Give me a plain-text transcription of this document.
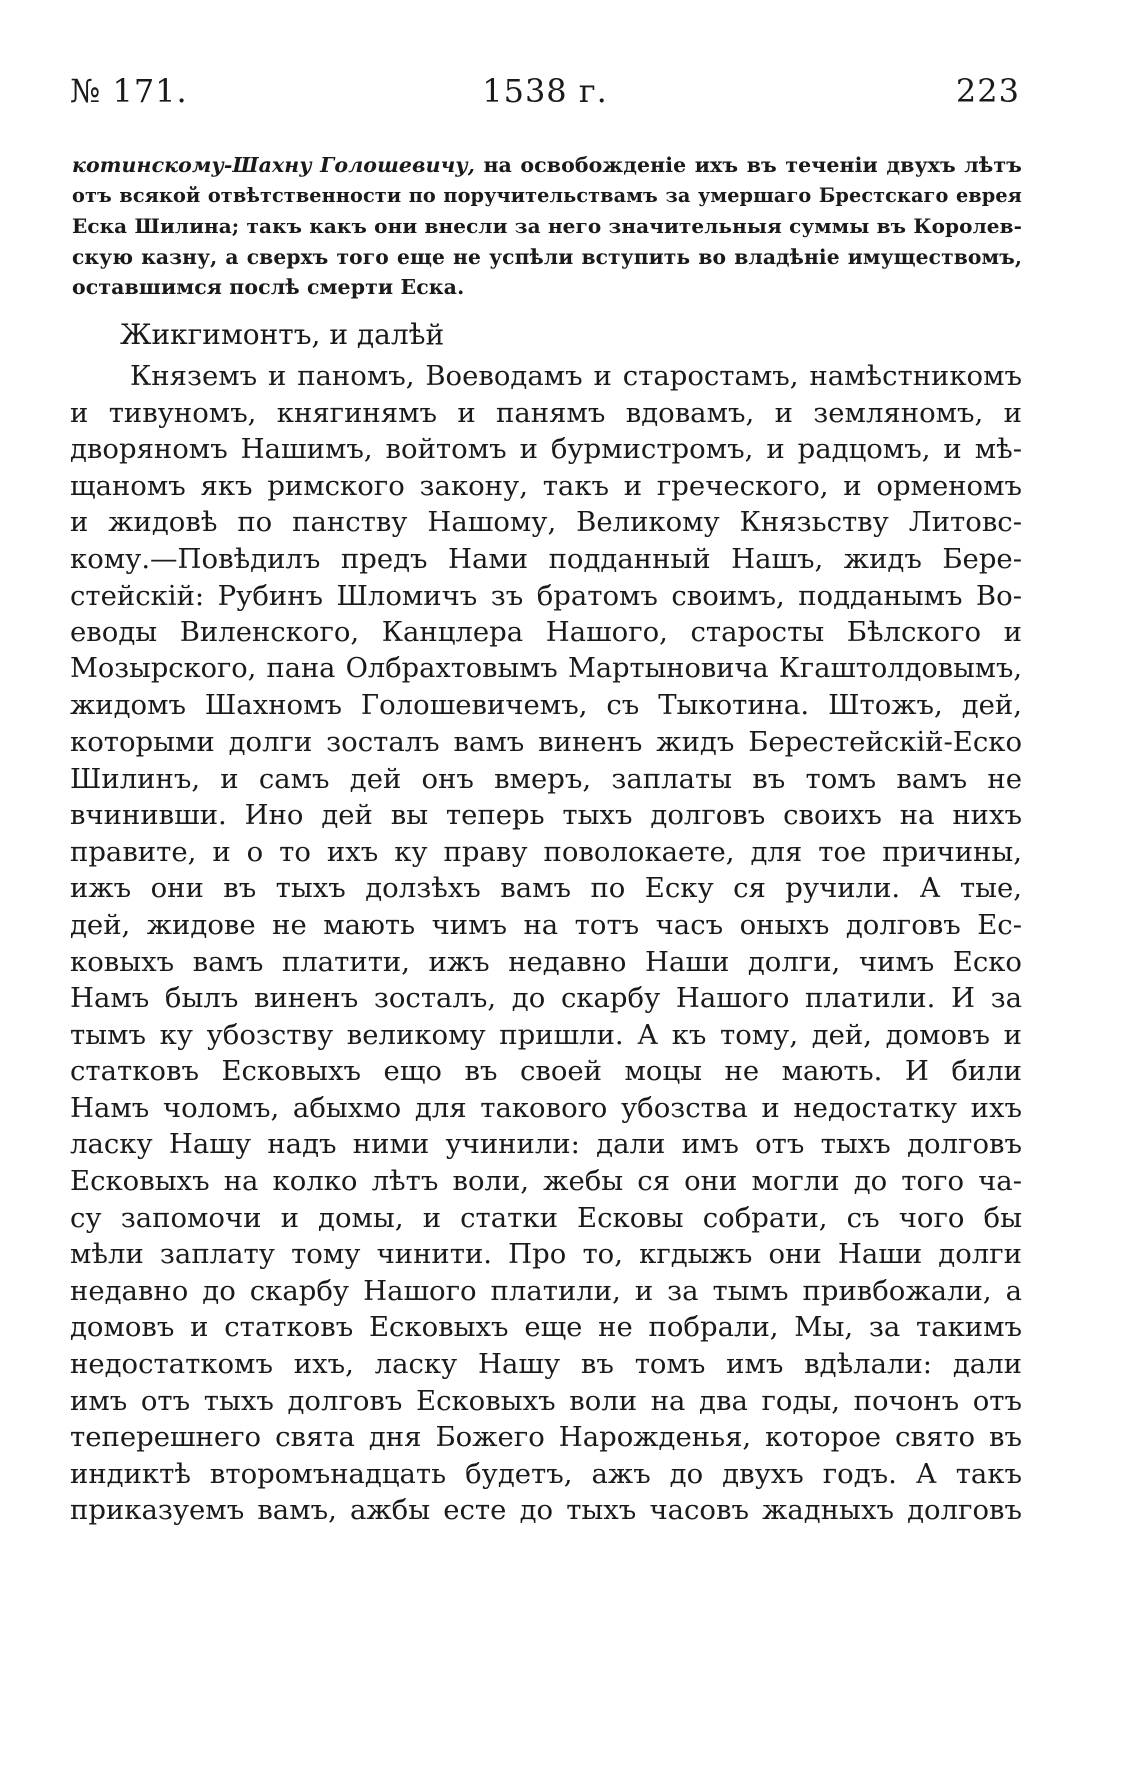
№ 171.	1538 г.	223
котинскому-Шахну Голошевичу, на освобожденіе ихъ въ теченіи двухъ лѣтъ
отъ всякой отвѣтственности по поручительствамъ за умершаго Брестскаго еврея
Еска Шилина; такъ какъ они внесли за него значительныя суммы въ Королев-
скую казну, а сверхъ того еще не успѣли вступить во владѣніе имуществомъ,
оставшимся послѣ смерти Еска.
Жикгимонтъ, и далѣй
Княземъ и паномъ, Воеводамъ и старостамъ, намѣстникомъ
и тивуномъ, княгинямъ и панямъ вдовамъ, и земляномъ, и
дворяномъ Нашимъ, войтомъ и бурмистромъ, и радцомъ, и мѣ-
щаномъ якъ римского закону, такъ и греческого, и орменомъ
и жидовѣ по панству Нашому, Великому Князьству Литовс-
кому.—Повѣдилъ предъ Нами подданный Нашъ, жидъ Бере-
стейскій: Рубинъ Шломичъ зъ братомъ своимъ, подданымъ Во-
еводы Виленского, Канцлера Нашого, старосты Бѣлского и
Мозырского, пана Олбрахтовымъ Мартыновича Кгаштолдовымъ,
жидомъ Шахномъ Голошевичемъ, съ Тыкотина. Штожъ, дей,
которыми долги зосталъ вамъ виненъ жидъ Берестейскій-Еско
Шилинъ, и самъ дей онъ вмеръ, заплаты въ томъ вамъ не
вчинивши. Ино дей вы теперь тыхъ долговъ своихъ на нихъ
правите, и о то ихъ ку праву поволокаете, для тое причины,
ижъ они въ тыхъ долзѣхъ вамъ по Еску ся ручили. А тые,
дей, жидове не мають чимъ на тотъ часъ оныхъ долговъ Ес-
ковыхъ вамъ платити, ижъ недавно Наши долги, чимъ Еско
Намъ былъ виненъ зосталъ, до скарбу Нашого платили. И за
тымъ ку убозству великому пришли. А къ тому, дей, домовъ и
статковъ Есковыхъ ещо въ своей моцы не мають. И били
Намъ чоломъ, абыхмо для таковоrо убозства и недостатку ихъ
ласку Нашу надъ ними учинили: дали имъ отъ тыхъ долговъ
Есковыхъ на колко лѣтъ воли, жебы ся они могли до того ча-
су запомочи и домы, и статки Есковы собрати, съ чого бы
мѣли заплату тому чинити. Про то, кгдыжъ они Наши долги
недавно до скарбу Нашого платили, и за тымъ привбожали, а
домовъ и статковъ Есковыхъ еще не побрали, Мы, за такимъ
недостаткомъ ихъ, ласку Нашу въ томъ имъ вдѣлали: дали
имъ отъ тыхъ долговъ Есковыхъ воли на два годы, почонъ отъ
теперешнего свята дня Божего Нарожденья, которое свято въ
индиктѣ второмънадцать будетъ, ажъ до двухъ годъ. А такъ
приказуемъ вамъ, ажбы есте до тыхъ часовъ жадныхъ долговъ
